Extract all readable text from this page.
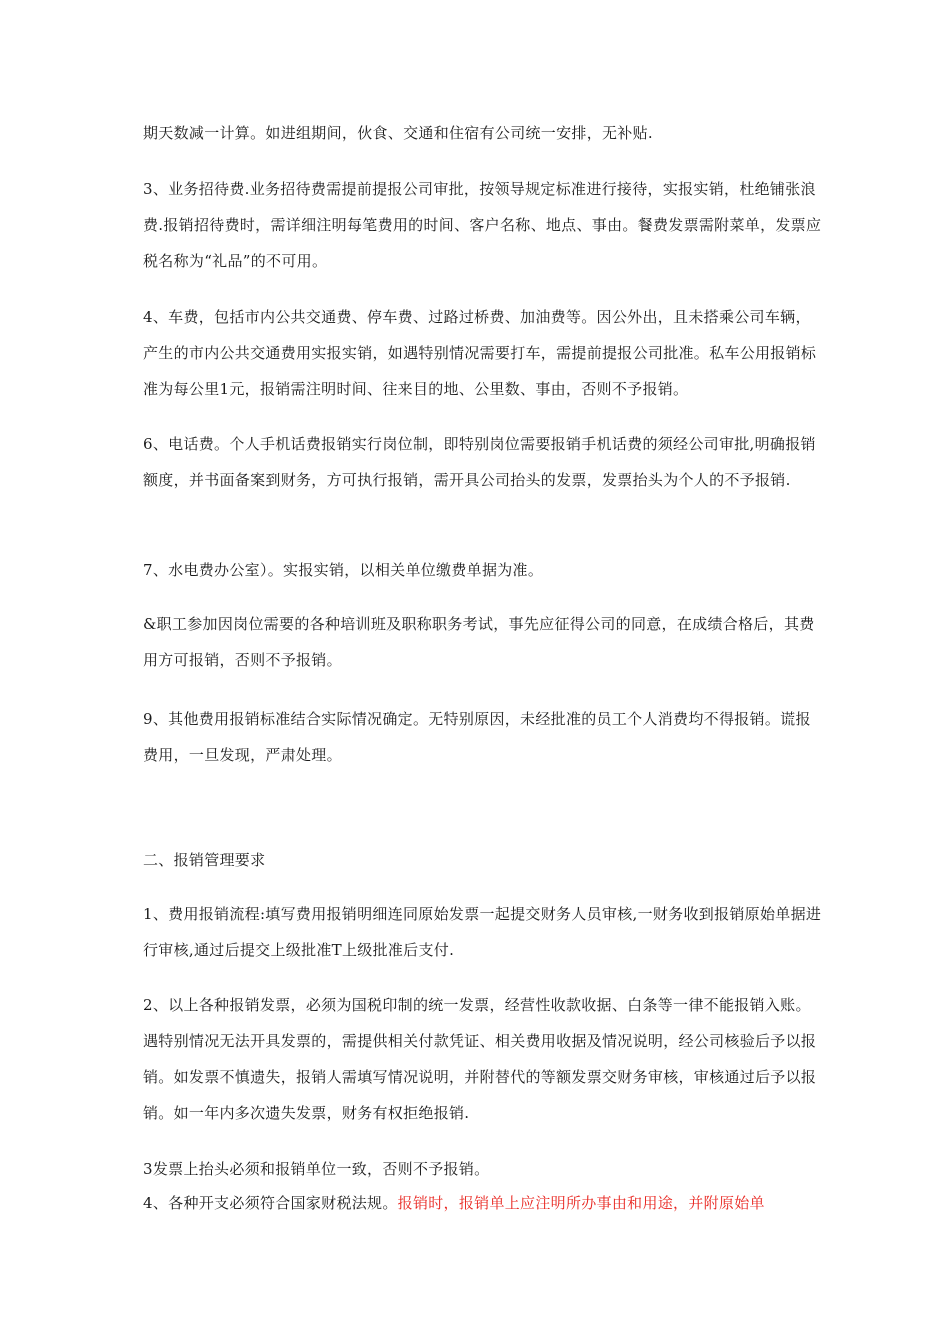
期天数减一计算。如进组期间，伙食、交通和住宿有公司统一安排，无补贴.

3、业务招待费.业务招待费需提前提报公司审批，按领导规定标准进行接待，实报实销，杜绝铺张浪费.报销招待费时，需详细注明每笔费用的时间、客户名称、地点、事由。餐费发票需附菜单，发票应税名称为“礼品”的不可用。

4、车费，包括市内公共交通费、停车费、过路过桥费、加油费等。因公外出，且未搭乘公司车辆，产生的市内公共交通费用实报实销，如遇特别情况需要打车，需提前提报公司批准。私车公用报销标准为每公里1元，报销需注明时间、往来目的地、公里数、事由，否则不予报销。

6、电话费。个人手机话费报销实行岗位制，即特别岗位需要报销手机话费的须经公司审批,明确报销额度，并书面备案到财务，方可执行报销，需开具公司抬头的发票，发票抬头为个人的不予报销.

7、水电费办公室）。实报实销，以相关单位缴费单据为准。

&职工参加因岗位需要的各种培训班及职称职务考试，事先应征得公司的同意，在成绩合格后，其费用方可报销，否则不予报销。

9、其他费用报销标准结合实际情况确定。无特别原因，未经批准的员工个人消费均不得报销。谎报费用，一旦发现，严肃处理。

二、报销管理要求

1、费用报销流程:填写费用报销明细连同原始发票一起提交财务人员审核,一财务收到报销原始单据进行审核,通过后提交上级批准T上级批准后支付.

2、以上各种报销发票，必须为国税印制的统一发票，经营性收款收据、白条等一律不能报销入账。遇特别情况无法开具发票的，需提供相关付款凭证、相关费用收据及情况说明，经公司核验后予以报销。如发票不慎遗失，报销人需填写情况说明，并附替代的等额发票交财务审核，审核通过后予以报销。如一年内多次遗失发票，财务有权拒绝报销.

3发票上抬头必须和报销单位一致，否则不予报销。

4、各种开支必须符合国家财税法规。报销时，报销单上应注明所办事由和用途，并附原始单
